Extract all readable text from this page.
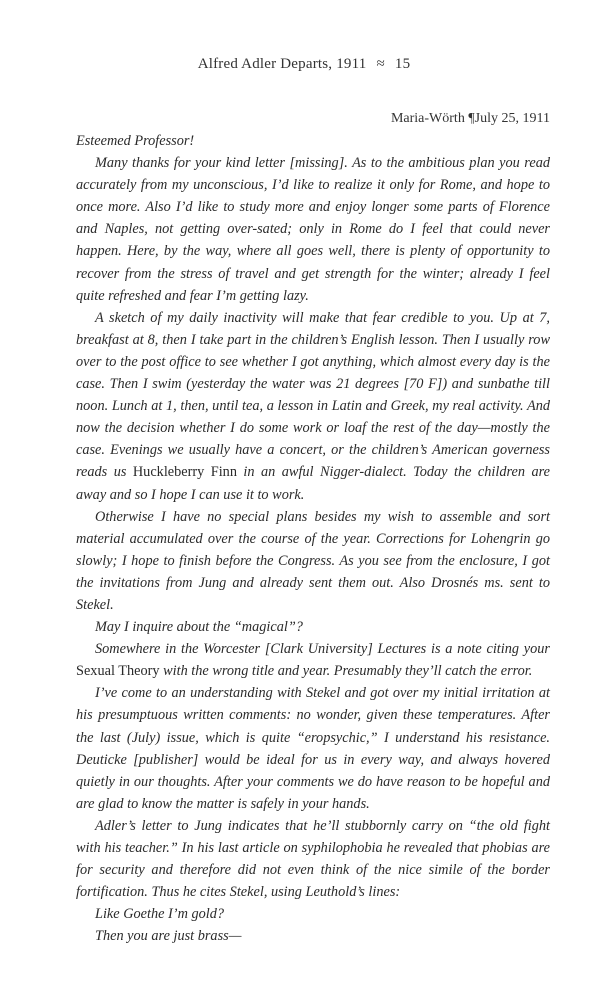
Alfred Adler Departs, 1911 ≈ 15
Maria-Wörth ¶July 25, 1911

Esteemed Professor!

Many thanks for your kind letter [missing]. As to the ambitious plan you read accurately from my unconscious, I’d like to realize it only for Rome, and hope to once more. Also I’d like to study more and enjoy longer some parts of Florence and Naples, not getting over-sated; only in Rome do I feel that could never happen. Here, by the way, where all goes well, there is plenty of opportunity to recover from the stress of travel and get strength for the winter; already I feel quite refreshed and fear I’m getting lazy.

A sketch of my daily inactivity will make that fear credible to you. Up at 7, breakfast at 8, then I take part in the children’s English lesson. Then I usually row over to the post office to see whether I got anything, which almost every day is the case. Then I swim (yesterday the water was 21 degrees [70 F]) and sunbathe till noon. Lunch at 1, then, until tea, a lesson in Latin and Greek, my real activity. And now the decision whether I do some work or loaf the rest of the day—mostly the case. Evenings we usually have a concert, or the children’s American governess reads us Huckleberry Finn in an awful Nigger-dialect. Today the children are away and so I hope I can use it to work.

Otherwise I have no special plans besides my wish to assemble and sort material accumulated over the course of the year. Corrections for Lohengrin go slowly; I hope to finish before the Congress. As you see from the enclosure, I got the invitations from Jung and already sent them out. Also Drosnés ms. sent to Stekel.

May I inquire about the “magical”?

Somewhere in the Worcester [Clark University] Lectures is a note citing your Sexual Theory with the wrong title and year. Presumably they’ll catch the error.

I’ve come to an understanding with Stekel and got over my initial irritation at his presumptuous written comments: no wonder, given these temperatures. After the last (July) issue, which is quite “eropsychic,” I understand his resistance. Deuticke [publisher] would be ideal for us in every way, and always hovered quietly in our thoughts. After your comments we do have reason to be hopeful and are glad to know the matter is safely in your hands.

Adler’s letter to Jung indicates that he’ll stubbornly carry on “the old fight with his teacher.” In his last article on syphilophobia he revealed that phobias are for security and therefore did not even think of the nice simile of the border fortification. Thus he cites Stekel, using Leuthold’s lines:

Like Goethe I’m gold?

Then you are just brass—
